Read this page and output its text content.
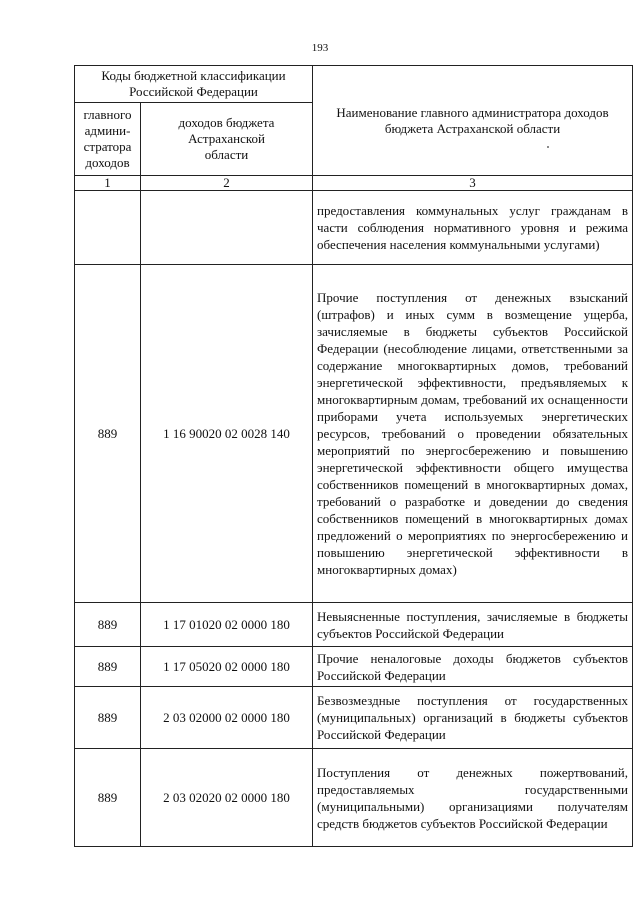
193
Коды бюджетной классификации Российской Федерации		Наименование главного администратора доходов бюджета Астраханской области
главного админи-стратора доходов	доходов бюджета Астраханской области	
1	2	3
		предоставления коммунальных услуг гражданам в части соблюдения нормативного уровня и режима обеспечения населения коммунальными услугами)
889	1 16 90020 02 0028 140	Прочие поступления от денежных взысканий (штрафов) и иных сумм в возмещение ущерба, зачисляемые в бюджеты субъектов Российской Федерации (несоблюдение лицами, ответственными за содержание многоквартирных домов, требований энергетической эффективности, предъявляемых к многоквартирным домам, требований их оснащенности приборами учета используемых энергетических ресурсов, требований о проведении обязательных мероприятий по энергосбережению и повышению энергетической эффективности общего имущества собственников помещений в многоквартирных домах, требований о разработке и доведении до сведения собственников помещений в многоквартирных домах предложений о мероприятиях по энергосбережению и повышению энергетической эффективности в многоквартирных домах)
889	1 17 01020 02 0000 180	Невыясненные поступления, зачисляемые в бюджеты субъектов Российской Федерации
889	1 17 05020 02 0000 180	Прочие неналоговые доходы бюджетов субъектов Российской Федерации
889	2 03 02000 02 0000 180	Безвозмездные поступления от государственных (муниципальных) организаций в бюджеты субъектов Российской Федерации
889	2 03 02020 02 0000 180	Поступления от денежных пожертвований, предоставляемых государственными (муниципальными) организациями получателям средств бюджетов субъектов Российской Федерации
